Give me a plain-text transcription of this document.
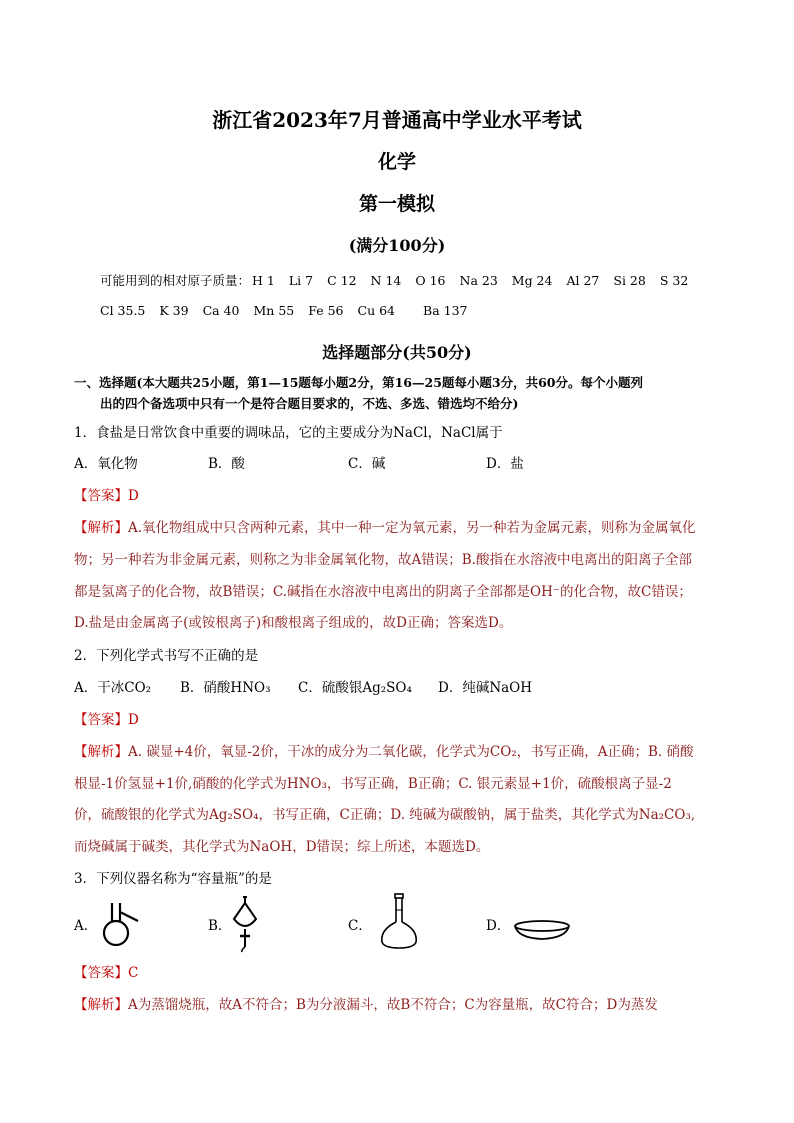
浙江省2023年7月普通高中学业水平考试
化学
第一模拟
(满分100分)
可能用到的相对原子质量： H 1 Li 7 C 12 N 14 O 16 Na 23 Mg 24 Al 27 Si 28 S 32
Cl 35.5 K 39 Ca 40 Mn 55 Fe 56 Cu 64 Ba 137
选择题部分(共50分)
一、选择题(本大题共25小题，第1—15题每小题2分，第16—25题每小题3分，共60分。每个小题列
出的四个备选项中只有一个是符合题目要求的，不选、多选、错选均不给分)
1．食盐是日常饮食中重要的调味品，它的主要成分为NaCl，NaCl属于
A．氧化物	B．酸	C．碱	D．盐
【答案】D
【解析】A.氧化物组成中只含两种元素，其中一种一定为氧元素，另一种若为金属元素，则称为金属氧化
物；另一种若为非金属元素，则称之为非金属氧化物，故A错误；B.酸指在水溶液中电离出的阳离子全部
都是氢离子的化合物，故B错误；C.碱指在水溶液中电离出的阴离子全部都是OH⁻的化合物，故C错误；
D.盐是由金属离子(或铵根离子)和酸根离子组成的，故D正确；答案选D。
2．下列化学式书写不正确的是
A．干冰CO₂ B．硝酸HNO₃ C．硫酸银Ag₂SO₄ D．纯碱NaOH
【答案】D
【解析】A. 碳显+4价，氧显-2价，干冰的成分为二氧化碳，化学式为CO₂，书写正确，A正确；B. 硝酸
根显-1价氢显+1价,硝酸的化学式为HNO₃，书写正确，B正确；C. 银元素显+1价，硫酸根离子显-2
价，硫酸银的化学式为Ag₂SO₄，书写正确，C正确；D. 纯碱为碳酸钠，属于盐类，其化学式为Na₂CO₃,
而烧碱属于碱类，其化学式为NaOH，D错误；综上所述，本题选D。
3．下列仪器名称为“容量瓶”的是
A．	B．	C．	D．
【答案】C
【解析】A为蒸馏烧瓶，故A不符合；B为分液漏斗，故B不符合；C为容量瓶，故C符合；D为蒸发
